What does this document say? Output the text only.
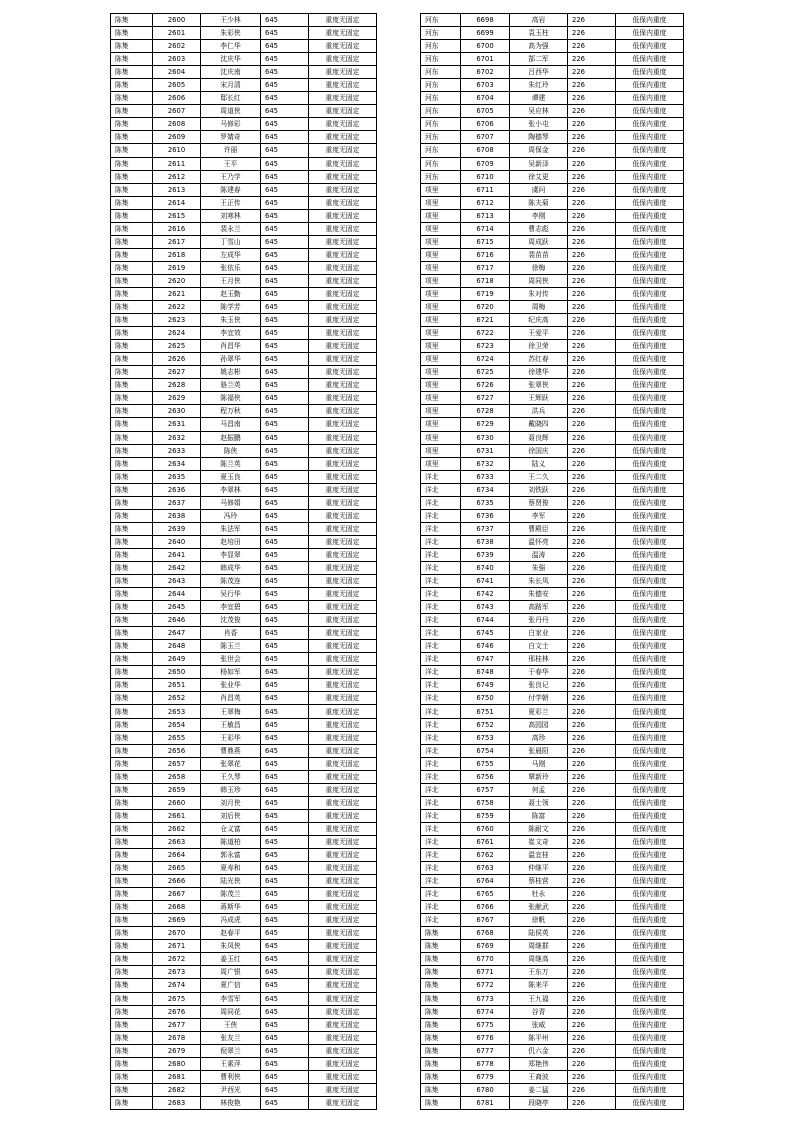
陈集	2600	王少林	645	重度无固定
陈集	2601	朱彩侠	645	重度无固定
陈集	2602	李仁华	645	重度无固定
陈集	2603	沈庆华	645	重度无固定
陈集	2604	沈庆南	645	重度无固定
陈集	2605	宋月清	645	重度无固定
陈集	2606	邸长红	645	重度无固定
陈集	2607	周道侠	645	重度无固定
陈集	2608	马修彩	645	重度无固定
陈集	2609	罗婧奇	645	重度无固定
陈集	2610	许丽	645	重度无固定
陈集	2611	王平	645	重度无固定
陈集	2612	王乃学	645	重度无固定
陈集	2613	陈建春	645	重度无固定
陈集	2614	王正传	645	重度无固定
陈集	2615	刘寒林	645	重度无固定
陈集	2616	裴永兰	645	重度无固定
陈集	2617	丁雪山	645	重度无固定
陈集	2618	左成华	645	重度无固定
陈集	2619	张依乐	645	重度无固定
陈集	2620	王月侠	645	重度无固定
陈集	2621	赵玉勤	645	重度无固定
陈集	2622	陈学芳	645	重度无固定
陈集	2623	朱玉侠	645	重度无固定
陈集	2624	李宜效	645	重度无固定
陈集	2625	肖昌华	645	重度无固定
陈集	2626	孙翠华	645	重度无固定
陈集	2627	姚志彬	645	重度无固定
陈集	2628	骆兰英	645	重度无固定
陈集	2629	陈福侠	645	重度无固定
陈集	2630	程万秋	645	重度无固定
陈集	2631	马昌南	645	重度无固定
陈集	2632	赵振鹏	645	重度无固定
陈集	2633	陈侠	645	重度无固定
陈集	2634	陈兰英	645	重度无固定
陈集	2635	夏玉良	645	重度无固定
陈集	2636	李翠林	645	重度无固定
陈集	2637	马修娟	645	重度无固定
陈集	2638	冯玲	645	重度无固定
陈集	2639	朱法军	645	重度无固定
陈集	2640	赵培田	645	重度无固定
陈集	2641	李显翠	645	重度无固定
陈集	2642	韩成华	645	重度无固定
陈集	2643	陈茂连	645	重度无固定
陈集	2644	吴行华	645	重度无固定
陈集	2645	李宜碧	645	重度无固定
陈集	2646	沈茂俊	645	重度无固定
陈集	2647	肖香	645	重度无固定
陈集	2648	陈玉兰	645	重度无固定
陈集	2649	张世会	645	重度无固定
陈集	2650	杨如军	645	重度无固定
陈集	2651	张业华	645	重度无固定
陈集	2652	肖昌英	645	重度无固定
陈集	2653	王翠梅	645	重度无固定
陈集	2654	王敏昌	645	重度无固定
陈集	2655	王彩华	645	重度无固定
陈集	2656	曹鼎燕	645	重度无固定
陈集	2657	张翠花	645	重度无固定
陈集	2658	王久琴	645	重度无固定
陈集	2659	韩玉珍	645	重度无固定
陈集	2660	刘月侠	645	重度无固定
陈集	2661	刘后侠	645	重度无固定
陈集	2662	仓义富	645	重度无固定
陈集	2663	陈道柏	645	重度无固定
陈集	2664	郭永富	645	重度无固定
陈集	2665	夏寿和	645	重度无固定
陈集	2666	陆光侠	645	重度无固定
陈集	2667	陈茂兰	645	重度无固定
陈集	2668	蒋斯华	645	重度无固定
陈集	2669	冯成虎	645	重度无固定
陈集	2670	赵春平	645	重度无固定
陈集	2671	朱凤侠	645	重度无固定
陈集	2672	姜玉红	645	重度无固定
陈集	2673	周广银	645	重度无固定
陈集	2674	夏广信	645	重度无固定
陈集	2675	李雪军	645	重度无固定
陈集	2676	周同花	645	重度无固定
陈集	2677	王侠	645	重度无固定
陈集	2678	张友兰	645	重度无固定
陈集	2679	倪翠兰	645	重度无固定
陈集	2680	王素萍	645	重度无固定
陈集	2681	曹利侠	645	重度无固定
陈集	2682	尹西光	645	重度无固定
陈集	2683	林俊艳	645	重度无固定
河东	6698	高岩	226	低保内重度
河东	6699	袁玉柱	226	低保内重度
河东	6700	高为强	226	低保内重度
河东	6701	郜二军	226	低保内重度
河东	6702	吕西华	226	低保内重度
河东	6703	朱红玲	226	低保内重度
河东	6704	谭建	226	低保内重度
河东	6705	吴应林	226	低保内重度
河东	6706	张小屯	226	低保内重度
河东	6707	陶德琴	226	低保内重度
河东	6708	周保金	226	低保内重度
河东	6709	吴新泽	226	低保内重度
河东	6710	徐艾更	226	低保内重度
项里	6711	虞问	226	低保内重度
项里	6712	陈夫菊	226	低保内重度
项里	6713	李刚	226	低保内重度
项里	6714	曹志彪	226	低保内重度
项里	6715	周成跃	226	低保内重度
项里	6716	裴苗苗	226	低保内重度
项里	6717	徐梅	226	低保内重度
项里	6718	周同侠	226	低保内重度
项里	6719	朱对传	226	低保内重度
项里	6720	周梅	226	低保内重度
项里	6721	纪庆高	226	低保内重度
项里	6722	王爱平	226	低保内重度
项里	6723	徐卫荣	226	低保内重度
项里	6724	苏红春	226	低保内重度
项里	6725	徐建华	226	低保内重度
项里	6726	张翠侠	226	低保内重度
项里	6727	王辉跃	226	低保内重度
项里	6728	洪兵	226	低保内重度
项里	6729	戴晓四	226	低保内重度
项里	6730	聂良辉	226	低保内重度
项里	6731	徐国庆	226	低保内重度
项里	6732	陆义	226	低保内重度
洋北	6733	王二久	226	低保内重度
洋北	6734	刘铁跃	226	低保内重度
洋北	6735	蔡贤俊	226	低保内重度
洋北	6736	李军	226	低保内重度
洋北	6737	曹殿臣	226	低保内重度
洋北	6738	温怀亮	226	低保内重度
洋北	6739	温涛	226	低保内重度
洋北	6740	朱强	226	低保内重度
洋北	6741	朱长凤	226	低保内重度
洋北	6742	朱德安	226	低保内重度
洋北	6743	高路军	226	低保内重度
洋北	6744	张丹丹	226	低保内重度
洋北	6745	白家业	226	低保内重度
洋北	6746	白文士	226	低保内重度
洋北	6747	邢桂林	226	低保内重度
洋北	6748	于春华	226	低保内重度
洋北	6749	张良记	226	低保内重度
洋北	6750	付学朝	226	低保内重度
洋北	6751	夏彩兰	226	低保内重度
洋北	6752	高园园	226	低保内重度
洋北	6753	高珍	226	低保内重度
洋北	6754	张晨阳	226	低保内重度
洋北	6755	马刚	226	低保内重度
洋北	6756	覃新玲	226	低保内重度
洋北	6757	何孟	226	低保内重度
洋北	6758	聂士领	226	低保内重度
洋北	6759	陈富	226	低保内重度
洋北	6760	陈耐文	226	低保内重度
洋北	6761	崔文奇	226	低保内重度
洋北	6762	温宜桂	226	低保内重度
洋北	6763	仲继平	226	低保内重度
洋北	6764	蔡桂营	226	低保内重度
洋北	6765	牡永	226	低保内重度
洋北	6766	张献武	226	低保内重度
洋北	6767	徐帆	226	低保内重度
陈集	6768	陆侯英	226	低保内重度
陈集	6769	周继群	226	低保内重度
陈集	6770	周继高	226	低保内重度
陈集	6771	王东万	226	低保内重度
陈集	6772	陈来平	226	低保内重度
陈集	6773	王九福	226	低保内重度
陈集	6774	谷青	226	低保内重度
陈集	6775	张威	226	低保内重度
陈集	6776	陈平州	226	低保内重度
陈集	6777	仉六金	226	低保内重度
陈集	6778	郑艳伟	226	低保内重度
陈集	6779	王裔波	226	低保内重度
陈集	6780	姜二猛	226	低保内重度
陈集	6781	段晓亭	226	低保内重度
